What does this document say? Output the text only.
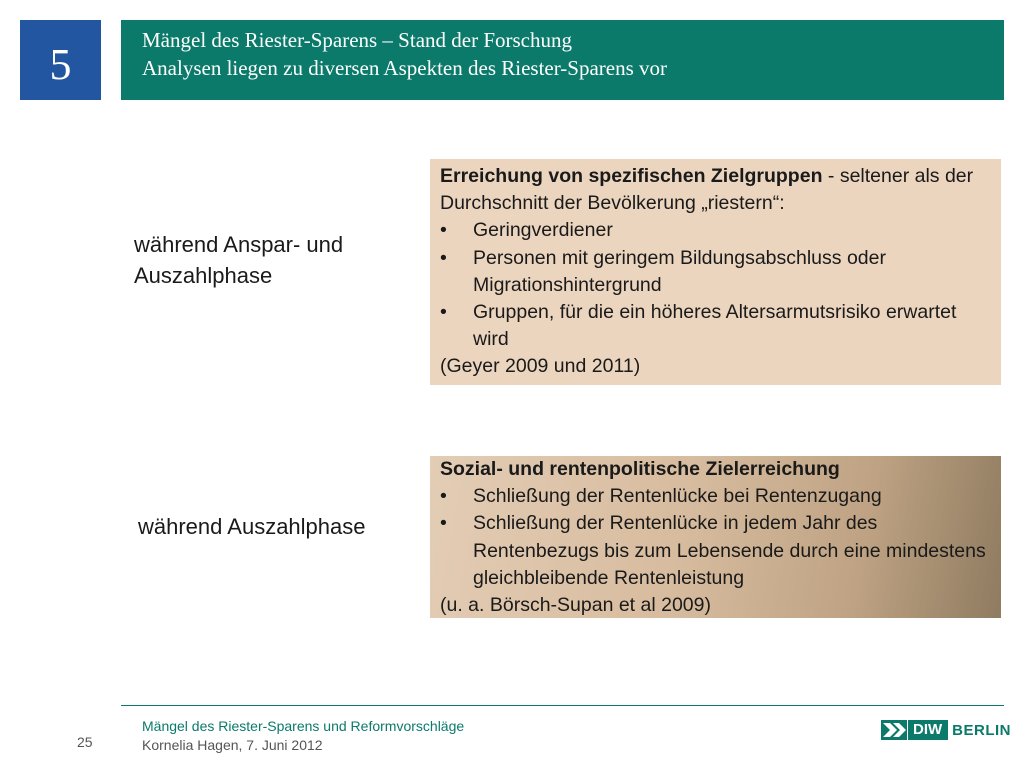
5	Mängel des Riester-Sparens – Stand der Forschung
Analysen liegen zu diversen Aspekten des Riester-Sparens vor
während Anspar- und
Auszahlphase
Erreichung von spezifischen Zielgruppen - seltener als der Durchschnitt der Bevölkerung „riestern“:
• Geringverdiener
• Personen mit geringem Bildungsabschluss oder Migrationshintergrund
• Gruppen, für die ein höheres Altersarmutsrisiko erwartet wird
(Geyer 2009 und 2011)
während Auszahlphase
Sozial- und rentenpolitische Zielerreichung
• Schließung der Rentenlücke bei Rentenzugang
• Schließung der Rentenlücke in jedem Jahr des Rentenbezugs bis zum Lebensende durch eine mindestens gleichbleibende Rentenleistung
(u. a. Börsch-Supan et al 2009)
25
Mängel des Riester-Sparens und Reformvorschläge
Kornelia Hagen, 7. Juni 2012
DIW BERLIN
